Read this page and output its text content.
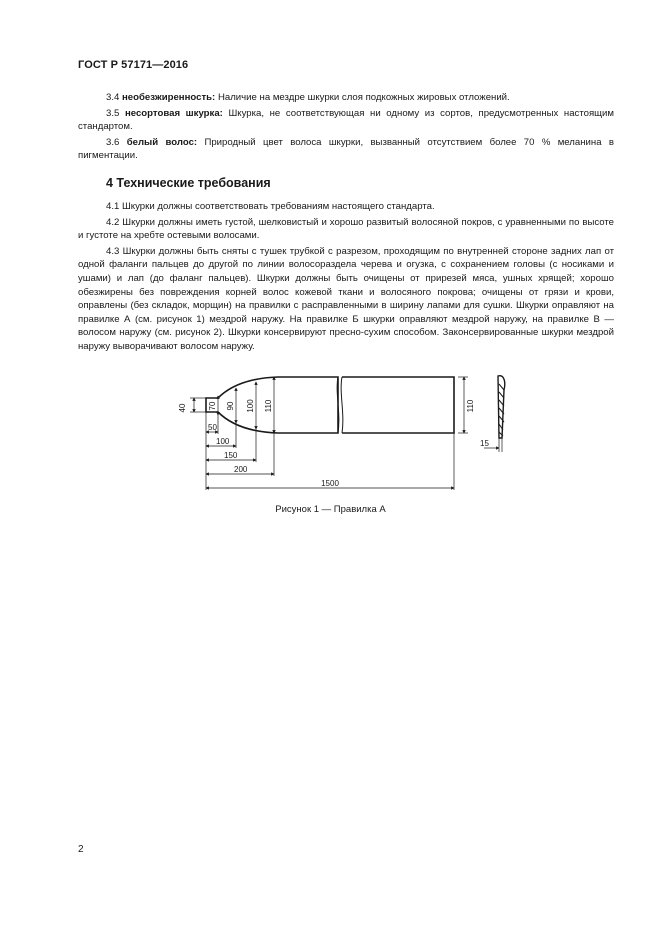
ГОСТ Р 57171—2016

3.4 необезжиренность: Наличие на мездре шкурки слоя подкожных жировых отложений.

3.5 несортовая шкурка: Шкурка, не соответствующая ни одному из сортов, предусмотренных настоящим стандартом.

3.6 белый волос: Природный цвет волоса шкурки, вызванный отсутствием более 70 % меланина в пигментации.

4 Технические требования

4.1 Шкурки должны соответствовать требованиям настоящего стандарта.

4.2 Шкурки должны иметь густой, шелковистый и хорошо развитый волосяной покров, с уравненными по высоте и густоте на хребте остевыми волосами.

4.3 Шкурки должны быть сняты с тушек трубкой с разрезом, проходящим по внутренней стороне задних лап от одной фаланги пальцев до другой по линии волосораздела черева и огузка, с сохранением головы (с носиками и ушами) и лап (до фаланг пальцев). Шкурки должны быть очищены от прирезей мяса, ушных хрящей; хорошо обезжирены без повреждения корней волос кожевой ткани и волосяного покрова; очищены от грязи и крови, оправлены (без складок, морщин) на правилки с расправленными в ширину лапами для сушки. Шкурки оправляют на правилке А (см. рисунок 1) мездрой наружу. На правилке Б шкурки оправляют мездрой наружу, на правилке В — волосом наружу (см. рисунок 2). Шкурки консервируют пресно-сухим способом. Законсервированные шкурки мездрой наружу выворачивают волосом наружу.

40	70 90 100 110	110
50
100
150
200
1500
15
Рисунок 1 — Правилка А
2
